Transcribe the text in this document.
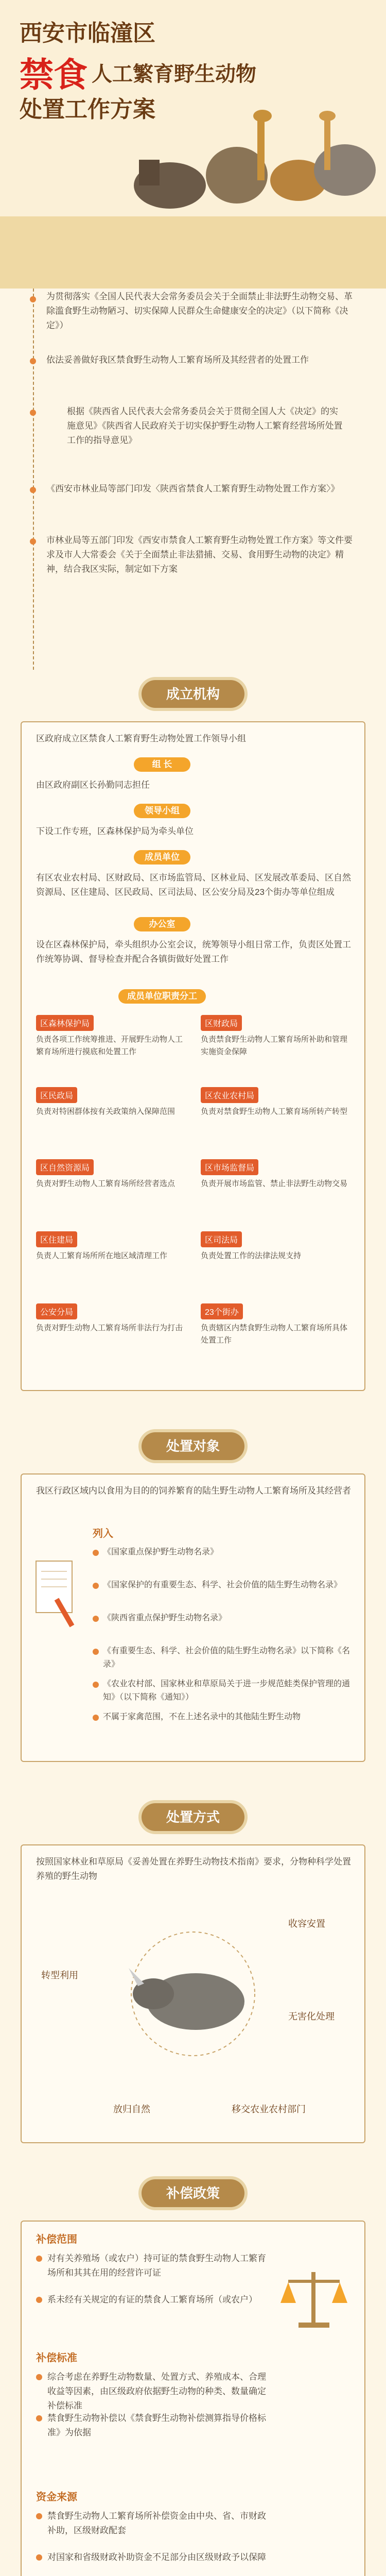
西安市临潼区
禁食 人工繁育野生动物
处置工作方案
为贯彻落实《全国人民代表大会常务委员会关于全面禁止非法野生动物交易、革除滥食野生动物陋习、切实保障人民群众生命健康安全的决定》（以下简称《决定》）
依法妥善做好我区禁食野生动物人工繁育场所及其经营者的处置工作
根据《陕西省人民代表大会常务委员会关于贯彻全国人大《决定》的实施意见》《陕西省人民政府关于切实保护野生动物人工繁育经营场所处置工作的指导意见》
《西安市林业局等部门印发〈陕西省禁食人工繁育野生动物处置工作方案〉》
市林业局等五部门印发《西安市禁食人工繁育野生动物处置工作方案》等文件要求及市人大常委会《关于全面禁止非法猎捕、交易、食用野生动物的决定》精神，结合我区实际，制定如下方案
成立机构
区政府成立区禁食人工繁育野生动物处置工作领导小组
组 长
由区政府副区长孙勤同志担任
领导小组
下设工作专班，区森林保护局为牵头单位
成员单位
有区农业农村局、区财政局、区市场监管局、区林业局、区发展改革委局、区自然资源局、区住建局、区民政局、区司法局、区公安分局及23个街办等单位组成
办公室
设在区森林保护局，牵头组织办公室会议，统筹领导小组日常工作，负责区处置工作统筹协调、督导检查并配合各镇街做好处置工作
成员单位职责分工
处置对象
我区行政区域内以食用为目的的饲养繁育的陆生野生动物人工繁育场所及其经营者
列入
处置方式
按照国家林业和草原局《妥善处置在养野生动物技术指南》要求，分物种科学处置养殖的野生动物
补偿政策
补偿范围
补偿标准
资金来源
区森林保护局
负责各项工作统筹推进、开展野生动物人工繁育场所进行摸底和处置工作
区财政局
负责禁食野生动物人工繁育场所补助和管理实施资金保障
区民政局
负责对特困群体按有关政策纳入保障范围
区农业农村局
负责对禁食野生动物人工繁育场所转产转型
区自然资源局
负责对野生动物人工繁育场所经营者选点
区市场监督局
负责开展市场监管、禁止非法野生动物交易
区住建局
负责人工繁育场所所在地区域清理工作
区司法局
负责处置工作的法律法规支持
公安分局
负责对野生动物人工繁育场所非法行为打击
23个街办
负责辖区内禁食野生动物人工繁育场所具体处置工作
《国家重点保护野生动物名录》
《国家保护的有重要生态、科学、社会价值的陆生野生动物名录》
《陕西省重点保护野生动物名录》
《有重要生态、科学、社会价值的陆生野生动物名录》以下简称《名录》
《农业农村部、国家林业和草原局关于进一步规范蛙类保护管理的通知》（以下简称《通知》）
不属于家禽范围，不在上述名录中的其他陆生野生动物
收容安置
无害化处理
转型利用
放归自然	移交农业农村部门
对有关养殖场（或农户）持可证的禁食野生动物人工繁育场所和其其在用的经营许可证
系未经有关规定的有证的禁食人工繁育场所（或农户）
综合考虑在养野生动物数量、处置方式、养殖成本、合理收益等因素，由区级政府依据野生动物的种类、数量确定补偿标准
禁食野生动物补偿以《禁食野生动物补偿测算指导价格标准》为依据
禁食野生动物人工繁育场所补偿资金由中央、省、市财政补助，区级财政配套
对国家和省级财政补助资金不足部分由区级财政予以保障
